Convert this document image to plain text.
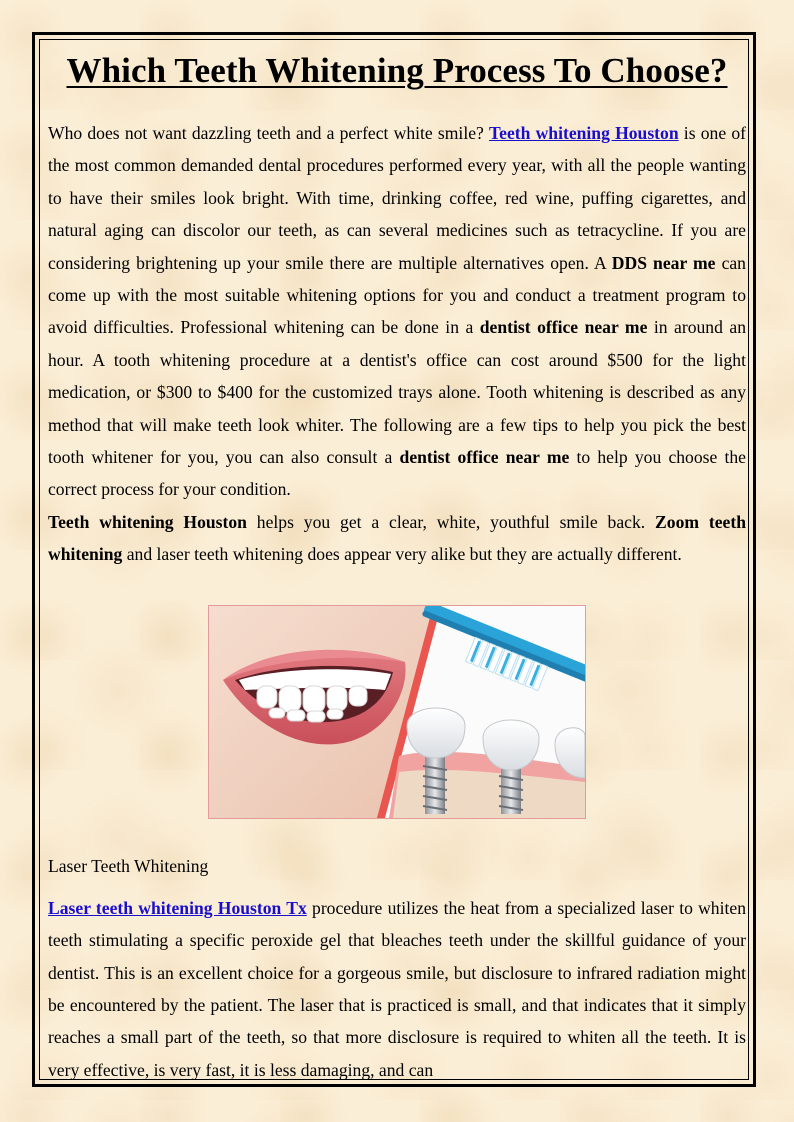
Which Teeth Whitening Process To Choose?

Who does not want dazzling teeth and a perfect white smile? Teeth whitening Houston is one of the most common demanded dental procedures performed every year, with all the people wanting to have their smiles look bright. With time, drinking coffee, red wine, puffing cigarettes, and natural aging can discolor our teeth, as can several medicines such as tetracycline. If you are considering brightening up your smile there are multiple alternatives open. A DDS near me can come up with the most suitable whitening options for you and conduct a treatment program to avoid difficulties. Professional whitening can be done in a dentist office near me in around an hour. A tooth whitening procedure at a dentist's office can cost around $500 for the light medication, or $300 to $400 for the customized trays alone. Tooth whitening is described as any method that will make teeth look whiter. The following are a few tips to help you pick the best tooth whitener for you, you can also consult a dentist office near me to help you choose the correct process for your condition.

Teeth whitening Houston helps you get a clear, white, youthful smile back. Zoom teeth whitening and laser teeth whitening does appear very alike but they are actually different.

Laser Teeth Whitening

Laser teeth whitening Houston Tx procedure utilizes the heat from a specialized laser to whiten teeth stimulating a specific peroxide gel that bleaches teeth under the skillful guidance of your dentist. This is an excellent choice for a gorgeous smile, but disclosure to infrared radiation might be encountered by the patient. The laser that is practiced is small, and that indicates that it simply reaches a small part of the teeth, so that more disclosure is required to whiten all the teeth. It is very effective, is very fast, it is less damaging, and can
